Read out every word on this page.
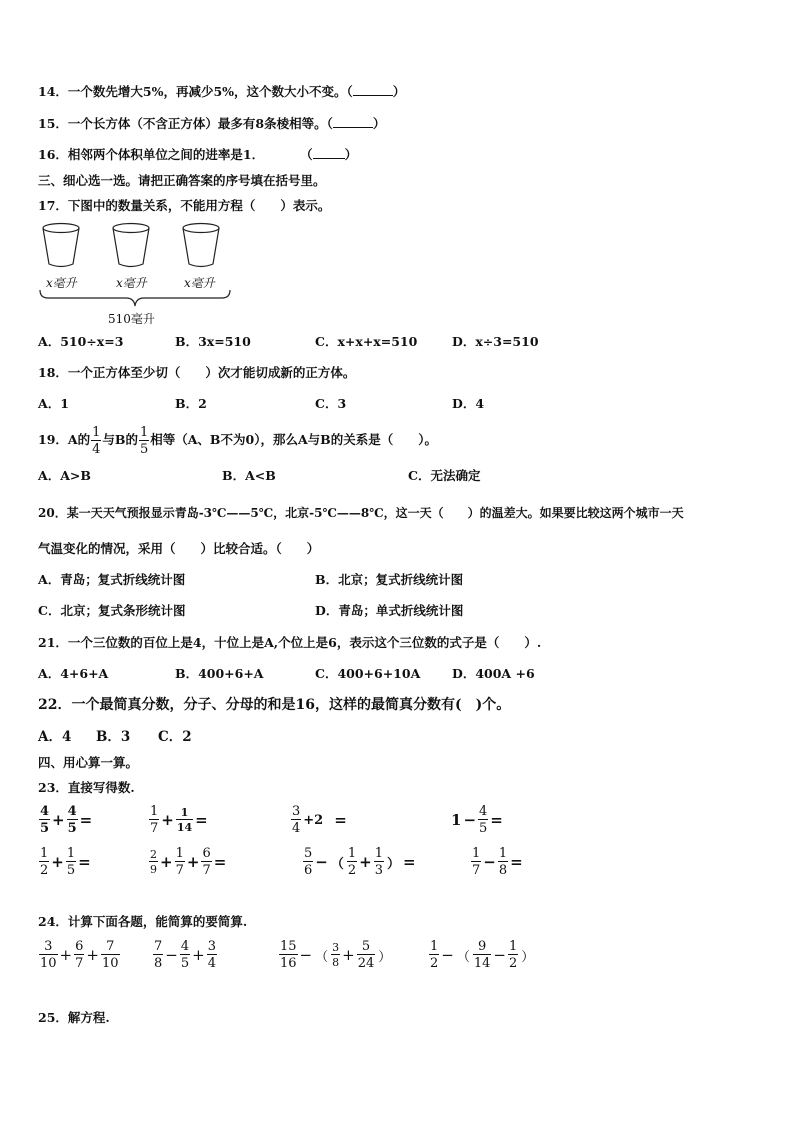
14．一个数先增大5%，再减少5%，这个数大小不变。（	）
15．一个长方体（不含正方体）最多有8条棱相等。（	）
16．相邻两个体积单位之间的进率是1．	（	）
三、细心选一选。请把正确答案的序号填在括号里。
17．下图中的数量关系，不能用方程（　　）表示。
x毫升	x毫升	x毫升
510毫升
A．510÷x=3	B．3x=510	C．x+x+x=510	D．x÷3=510
18．一个正方体至少切（　　）次才能切成新的正方体。
A．1	B．2	C．3	D．4
19．A的 $\frac{1}{4}$ 与B的 $\frac{1}{5}$ 相等（A、B不为0），那么A与B的关系是（　　）。
A．A>B	B．A<B	C．无法确定
20．某一天天气预报显示青岛-3℃——5℃，北京-5℃——8℃，这一天（　　）的温差大。如果要比较这两个城市一天
气温变化的情况，采用（　　）比较合适。（　　）
A．青岛；复式折线统计图	B．北京；复式折线统计图
C．北京；复式条形统计图	D．青岛；单式折线统计图
21．一个三位数的百位上是4，十位上是A,个位上是6，表示这个三位数的式子是（　　）.
A．4+6+A	B．400+6+A	C．400+6+10A	D．400A +6
22．一个最简真分数，分子、分母的和是16，这样的最简真分数有(　)个。
A．4 B．3 C．2
四、用心算一算。
23．直接写得数.
$\frac{4}{5} + \frac{4}{5}$ =	$\frac{1}{7} + \frac{1}{14}$ =	$\frac{3}{4} +2$ =	$1 - \frac{4}{5}$ =
$\frac{1}{2} + \frac{1}{5}$ =	$\frac{2}{9} + \frac{1}{7} + \frac{6}{7}$ =	$\frac{5}{6}$ − （ $\frac{1}{2} + \frac{1}{3}$ ） =	$\frac{1}{7} - \frac{1}{8}$ =
24．计算下面各题，能简算的要简算.
$\frac{3}{10} + \frac{6}{7} + \frac{7}{10}$	$\frac{7}{8} - \frac{4}{5} + \frac{3}{4}$	$\frac{15}{16}$ − （ $\frac{3}{8} + \frac{5}{24}$ ）	$\frac{1}{2}$ − （ $\frac{9}{14} - \frac{1}{2}$ ）
25．解方程.
